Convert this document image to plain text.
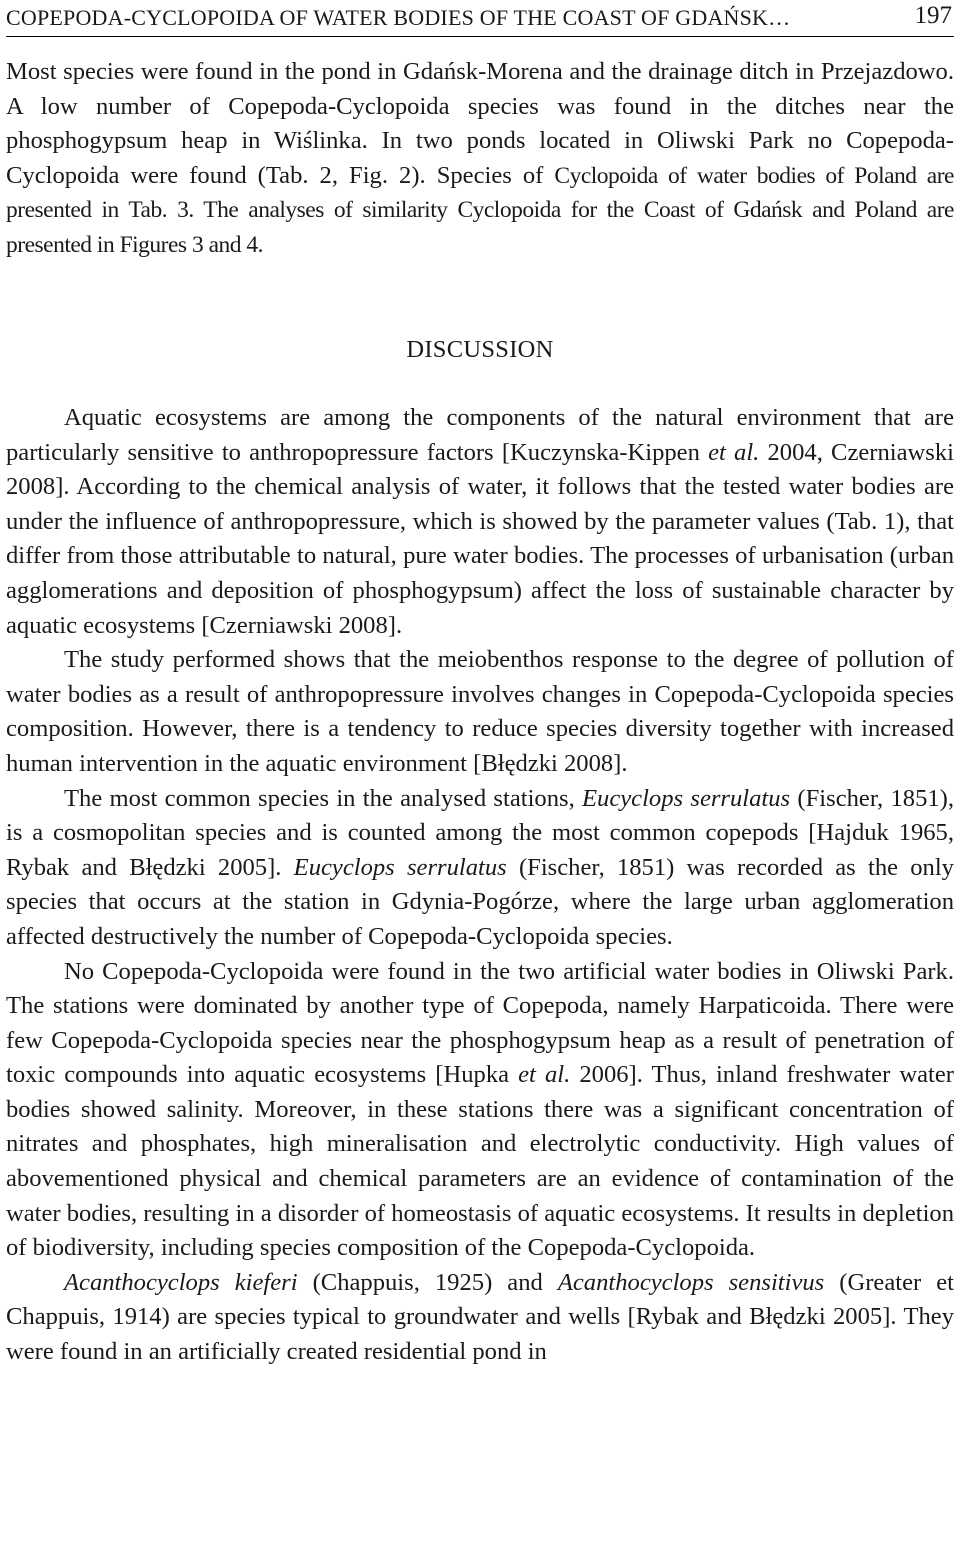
COPEPODA-CYCLOPOIDA OF WATER BODIES OF THE COAST OF GDAŃSK…	197

Most species were found in the pond in Gdańsk-Morena and the drainage ditch in Przejazdowo. A low number of Copepoda-Cyclopoida species was found in the ditches near the phosphogypsum heap in Wiślinka. In two ponds located in Oliwski Park no Copepoda-Cyclopoida were found (Tab. 2, Fig. 2). Species of Cyclopoida of water bodies of Poland are presented in Tab. 3. The analyses of similarity Cyclopoida for the Coast of Gdańsk and Poland are presented in Figures 3 and 4.

DISCUSSION

Aquatic ecosystems are among the components of the natural environment that are particularly sensitive to anthropopressure factors [Kuczynska-Kippen et al. 2004, Czerniawski 2008]. According to the chemical analysis of water, it follows that the tested water bodies are under the influence of anthropopressure, which is showed by the parameter values (Tab. 1), that differ from those attributable to natural, pure water bodies. The processes of urbanisation (urban agglomerations and deposition of phosphogypsum) affect the loss of sustainable character by aquatic ecosystems [Czerniawski 2008].

The study performed shows that the meiobenthos response to the degree of pollution of water bodies as a result of anthropopressure involves changes in Copepoda-Cyclopoida species composition. However, there is a tendency to reduce species diversity together with increased human intervention in the aquatic environment [Błędzki 2008].

The most common species in the analysed stations, Eucyclops serrulatus (Fischer, 1851), is a cosmopolitan species and is counted among the most common copepods [Hajduk 1965, Rybak and Błędzki 2005]. Eucyclops serrulatus (Fischer, 1851) was recorded as the only species that occurs at the station in Gdynia-Pogórze, where the large urban agglomeration affected destructively the number of Copepoda-Cyclopoida species.

No Copepoda-Cyclopoida were found in the two artificial water bodies in Oliwski Park. The stations were dominated by another type of Copepoda, namely Harpaticoida. There were few Copepoda-Cyclopoida species near the phosphogypsum heap as a result of penetration of toxic compounds into aquatic ecosystems [Hupka et al. 2006]. Thus, inland freshwater water bodies showed salinity. Moreover, in these stations there was a significant concentration of nitrates and phosphates, high mineralisation and electrolytic conductivity. High values of abovementioned physical and chemical parameters are an evidence of contamination of the water bodies, resulting in a disorder of homeostasis of aquatic ecosystems. It results in depletion of biodiversity, including species composition of the Copepoda-Cyclopoida.

Acanthocyclops kieferi (Chappuis, 1925) and Acanthocyclops sensitivus (Greater et Chappuis, 1914) are species typical to groundwater and wells [Rybak and Błędzki 2005]. They were found in an artificially created residential pond in
